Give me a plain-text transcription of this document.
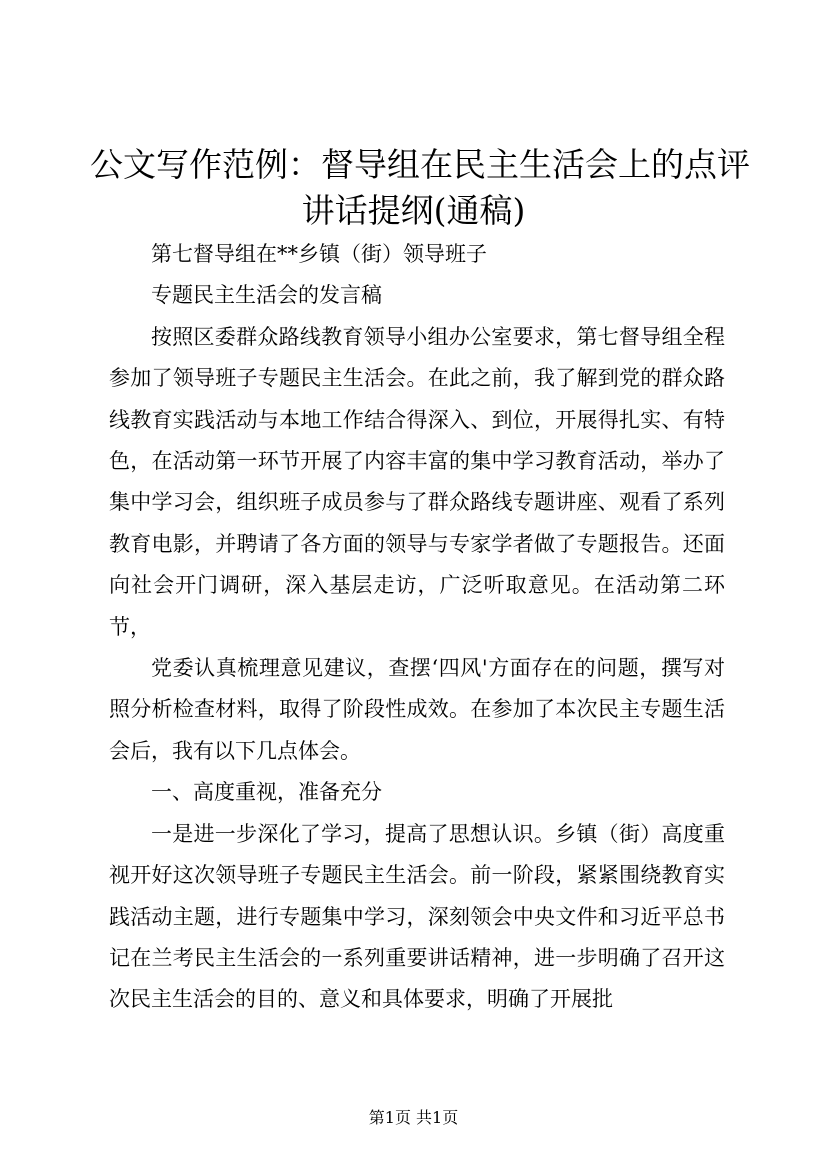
公文写作范例：督导组在民主生活会上的点评
讲话提纲(通稿)

第七督导组在**乡镇（街）领导班子

专题民主生活会的发言稿

按照区委群众路线教育领导小组办公室要求，第七督导组全程参加了领导班子专题民主生活会。在此之前，我了解到党的群众路线教育实践活动与本地工作结合得深入、到位，开展得扎实、有特色，在活动第一环节开展了内容丰富的集中学习教育活动，举办了集中学习会，组织班子成员参与了群众路线专题讲座、观看了系列教育电影，并聘请了各方面的领导与专家学者做了专题报告。还面向社会开门调研，深入基层走访，广泛听取意见。在活动第二环节，

党委认真梳理意见建议，查摆‘四风'方面存在的问题，撰写对照分析检查材料，取得了阶段性成效。在参加了本次民主专题生活会后，我有以下几点体会。

一、高度重视，准备充分

一是进一步深化了学习，提高了思想认识。乡镇（街）高度重视开好这次领导班子专题民主生活会。前一阶段，紧紧围绕教育实践活动主题，进行专题集中学习，深刻领会中央文件和习近平总书记在兰考民主生活会的一系列重要讲话精神，进一步明确了召开这次民主生活会的目的、意义和具体要求，明确了开展批

第1页 共1页
